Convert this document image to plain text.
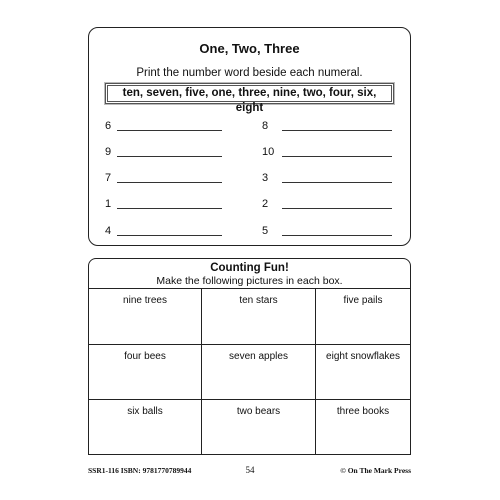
One, Two, Three
Print the number word beside each numeral.
ten, seven, five, one, three, nine, two, four, six, eight
6
9
7
1
4
8
10
3
2
5
Counting Fun!
Make the following pictures in each box.
nine trees	ten stars	five pails
four bees	seven apples	eight snowflakes
six balls	two bears	three books
SSR1-116 ISBN: 9781770789944	54	© On The Mark Press
